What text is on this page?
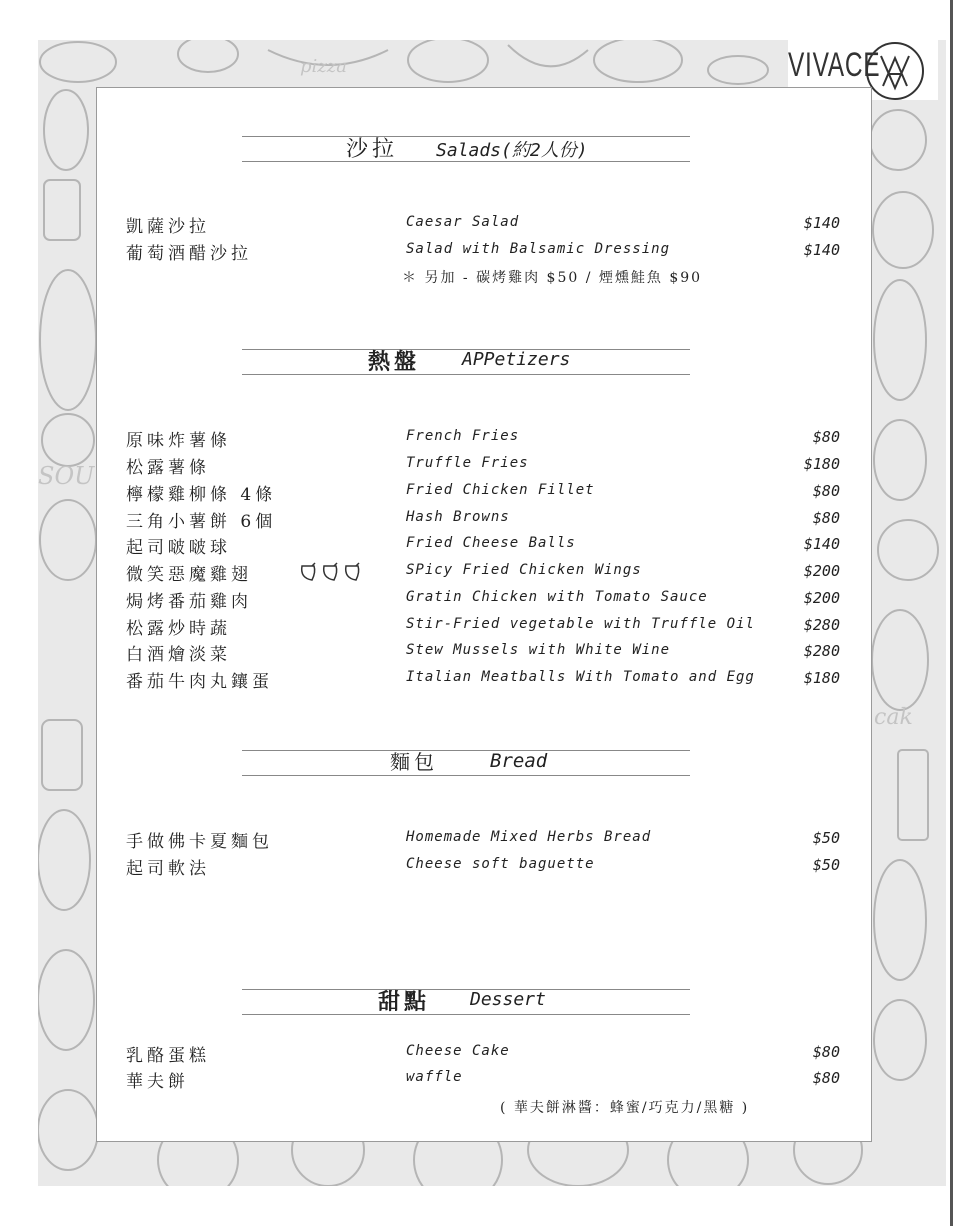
SOU
pizza
cak
VIVACE
沙拉 Salads(約2人份)
凱薩沙拉	Caesar Salad	$140
葡萄酒醋沙拉	Salad with Balsamic Dressing	$140
＊ 另加 - 碳烤雞肉 $50 / 煙燻鮭魚 $90
熱盤 APPetizers
原味炸薯條	French Fries	$80
松露薯條	Truffle Fries	$180
檸檬雞柳條 4條	Fried Chicken Fillet	$80
三角小薯餅 6個	Hash Browns	$80
起司啵啵球	Fried Cheese Balls	$140
微笑惡魔雞翅	SPicy Fried Chicken Wings	$200
焗烤番茄雞肉	Gratin Chicken with Tomato Sauce	$200
松露炒時蔬	Stir-Fried vegetable with Truffle Oil	$280
白酒燴淡菜	Stew Mussels with White Wine	$280
番茄牛肉丸鑲蛋	Italian Meatballs With Tomato and Egg	$180
麵包	Bread
手做佛卡夏麵包	Homemade Mixed Herbs Bread	$50
起司軟法	Cheese soft baguette	$50
甜點 Dessert
乳酪蛋糕	Cheese Cake	$80
華夫餅	waffle	$80
( 華夫餅淋醬：蜂蜜/巧克力/黑糖 )
